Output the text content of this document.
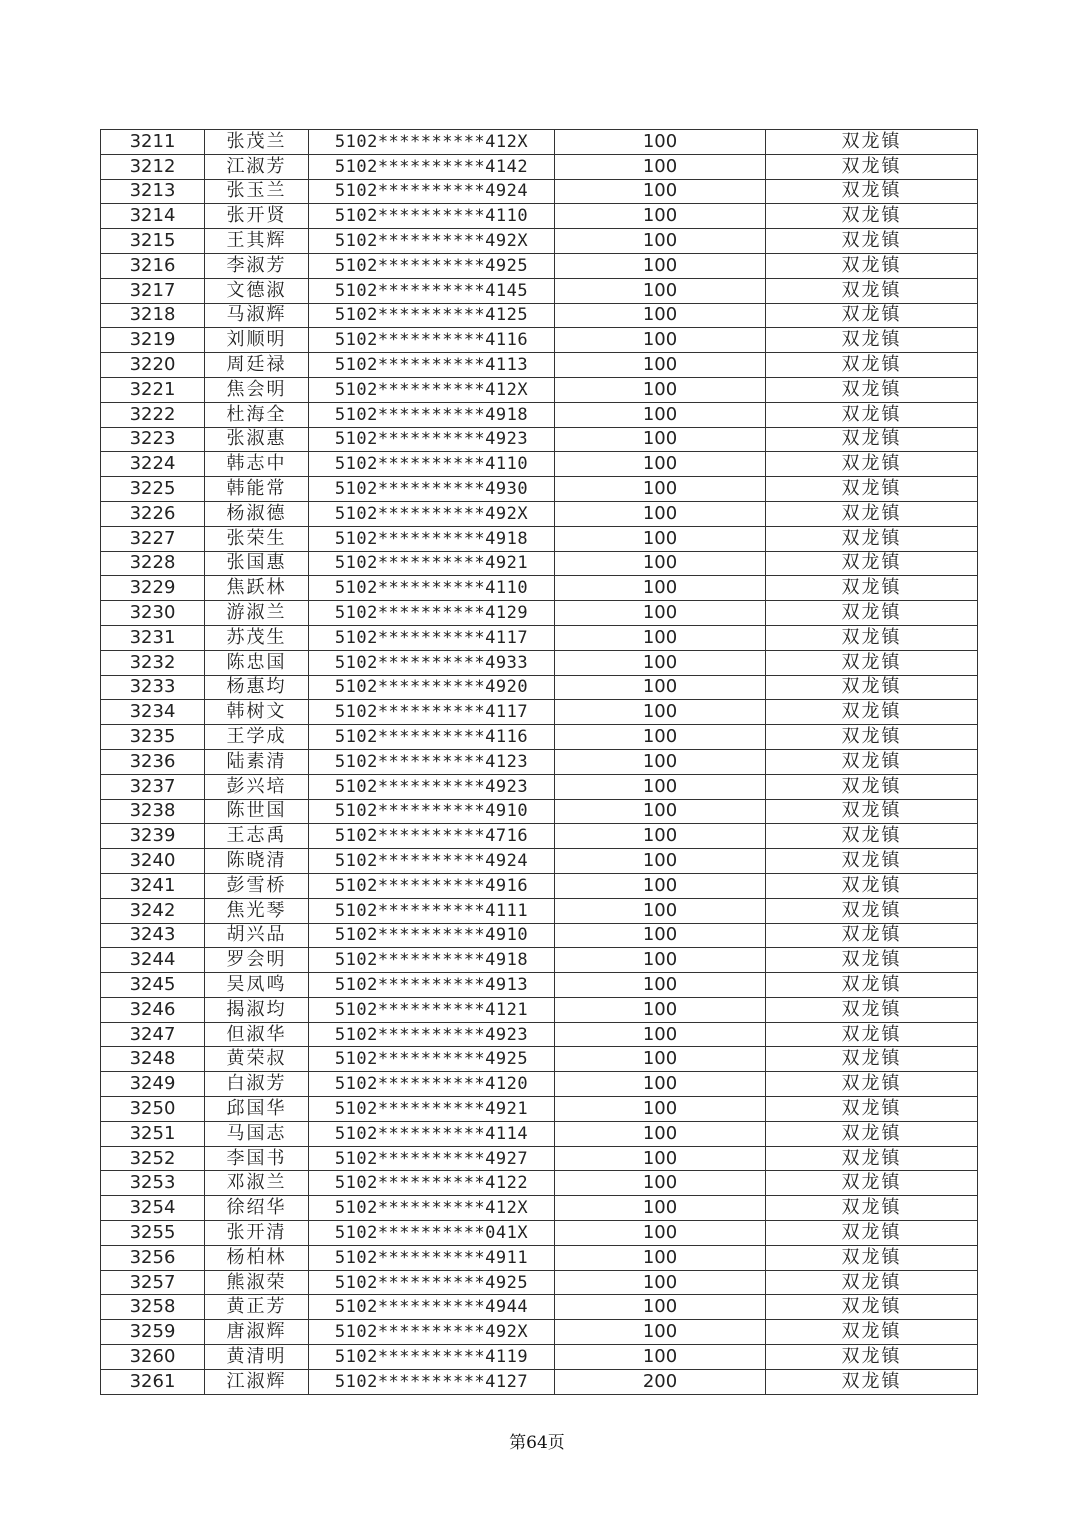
3211	张茂兰	5102**********412X	100	双龙镇
3212	江淑芳	5102**********4142	100	双龙镇
3213	张玉兰	5102**********4924	100	双龙镇
3214	张开贤	5102**********4110	100	双龙镇
3215	王其辉	5102**********492X	100	双龙镇
3216	李淑芳	5102**********4925	100	双龙镇
3217	文德淑	5102**********4145	100	双龙镇
3218	马淑辉	5102**********4125	100	双龙镇
3219	刘顺明	5102**********4116	100	双龙镇
3220	周廷禄	5102**********4113	100	双龙镇
3221	焦会明	5102**********412X	100	双龙镇
3222	杜海全	5102**********4918	100	双龙镇
3223	张淑惠	5102**********4923	100	双龙镇
3224	韩志中	5102**********4110	100	双龙镇
3225	韩能常	5102**********4930	100	双龙镇
3226	杨淑德	5102**********492X	100	双龙镇
3227	张荣生	5102**********4918	100	双龙镇
3228	张国惠	5102**********4921	100	双龙镇
3229	焦跃林	5102**********4110	100	双龙镇
3230	游淑兰	5102**********4129	100	双龙镇
3231	苏茂生	5102**********4117	100	双龙镇
3232	陈忠国	5102**********4933	100	双龙镇
3233	杨惠均	5102**********4920	100	双龙镇
3234	韩树文	5102**********4117	100	双龙镇
3235	王学成	5102**********4116	100	双龙镇
3236	陆素清	5102**********4123	100	双龙镇
3237	彭兴培	5102**********4923	100	双龙镇
3238	陈世国	5102**********4910	100	双龙镇
3239	王志禹	5102**********4716	100	双龙镇
3240	陈晓清	5102**********4924	100	双龙镇
3241	彭雪桥	5102**********4916	100	双龙镇
3242	焦光琴	5102**********4111	100	双龙镇
3243	胡兴品	5102**********4910	100	双龙镇
3244	罗会明	5102**********4918	100	双龙镇
3245	吴凤鸣	5102**********4913	100	双龙镇
3246	揭淑均	5102**********4121	100	双龙镇
3247	但淑华	5102**********4923	100	双龙镇
3248	黄荣叔	5102**********4925	100	双龙镇
3249	白淑芳	5102**********4120	100	双龙镇
3250	邱国华	5102**********4921	100	双龙镇
3251	马国志	5102**********4114	100	双龙镇
3252	李国书	5102**********4927	100	双龙镇
3253	邓淑兰	5102**********4122	100	双龙镇
3254	徐绍华	5102**********412X	100	双龙镇
3255	张开清	5102**********041X	100	双龙镇
3256	杨柏林	5102**********4911	100	双龙镇
3257	熊淑荣	5102**********4925	100	双龙镇
3258	黄正芳	5102**********4944	100	双龙镇
3259	唐淑辉	5102**********492X	100	双龙镇
3260	黄清明	5102**********4119	100	双龙镇
3261	江淑辉	5102**********4127	200	双龙镇
第64页
